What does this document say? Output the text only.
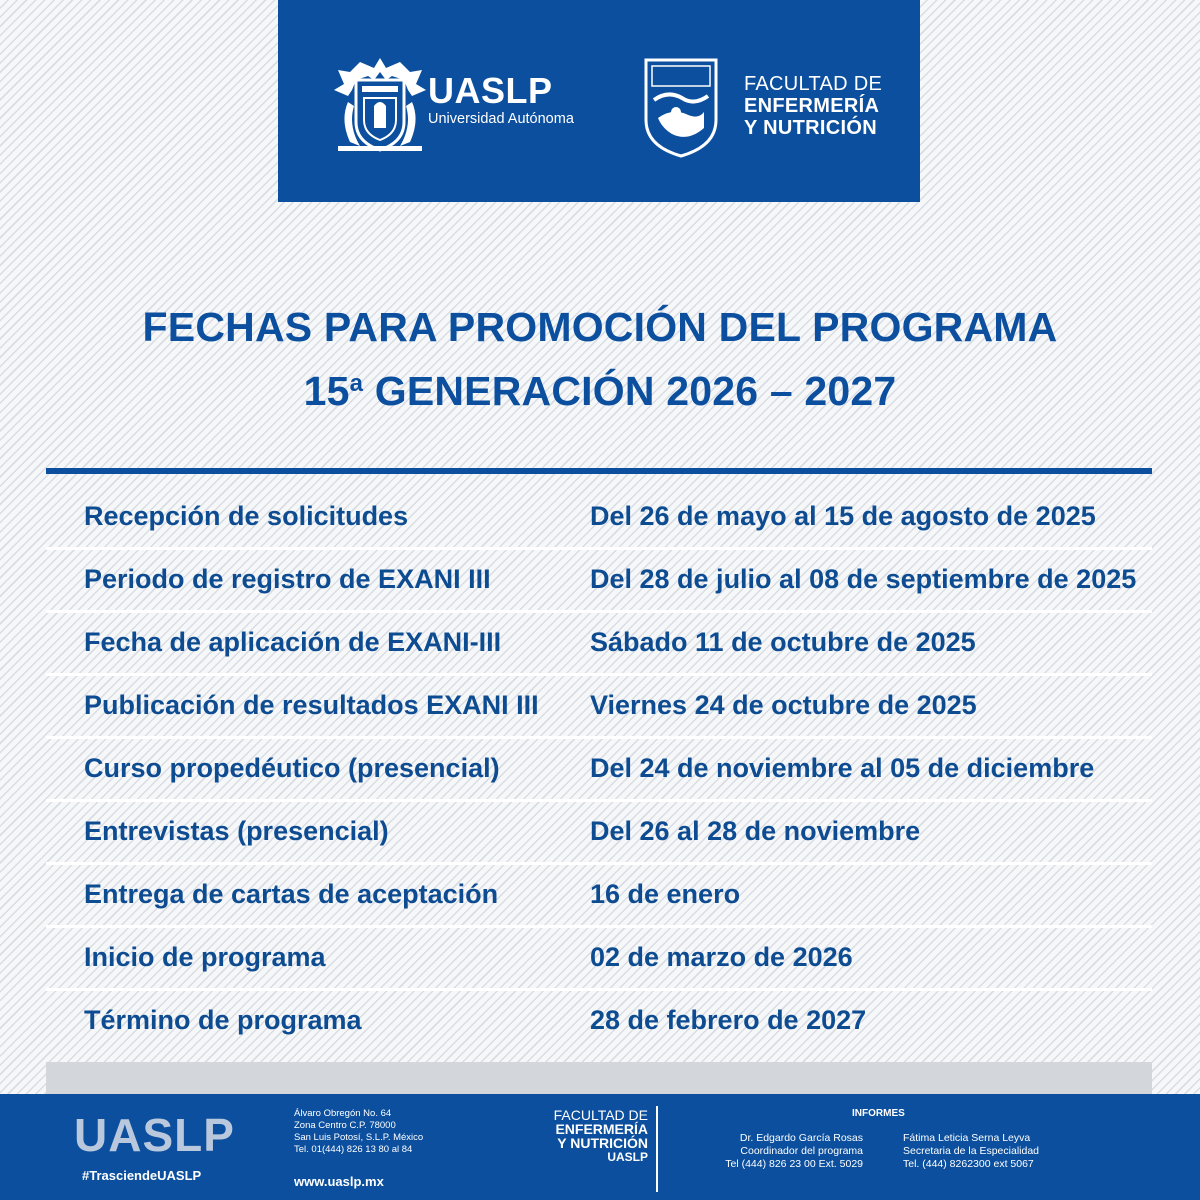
UASLP
Universidad Autónoma
FACULTAD DE
ENFERMERÍA
Y NUTRICIÓN
FECHAS PARA PROMOCIÓN DEL PROGRAMA
15$^a$ GENERACIÓN 2026 – 2027
Recepción de solicitudes	Del 26 de mayo al 15 de agosto de 2025
Periodo de registro de EXANI III	Del 28 de julio al 08 de septiembre de 2025
Fecha de aplicación de EXANI-III	Sábado 11 de octubre de 2025
Publicación de resultados EXANI III Viernes 24 de octubre de 2025
Curso propedéutico (presencial)	Del 24 de noviembre al 05 de diciembre
Entrevistas (presencial)	Del 26 al 28 de noviembre
Entrega de cartas de aceptación	16 de enero
Inicio de programa	02 de marzo de 2026
Término de programa	28 de febrero de 2027
UASLP
#TrasciendeUASLP
Álvaro Obregón No. 64
Zona Centro C.P. 78000
San Luis Potosí, S.L.P. México
Tel. 01(444) 826 13 80 al 84
www.uaslp.mx
FACULTAD DE
ENFERMERÍA
Y NUTRICIÓN
UASLP
INFORMES
Dr. Edgardo García Rosas
Coordinador del programa
Tel (444) 826 23 00 Ext. 5029
Fátima Leticia Serna Leyva
Secretaria de la Especialidad
Tel. (444) 8262300 ext 5067
